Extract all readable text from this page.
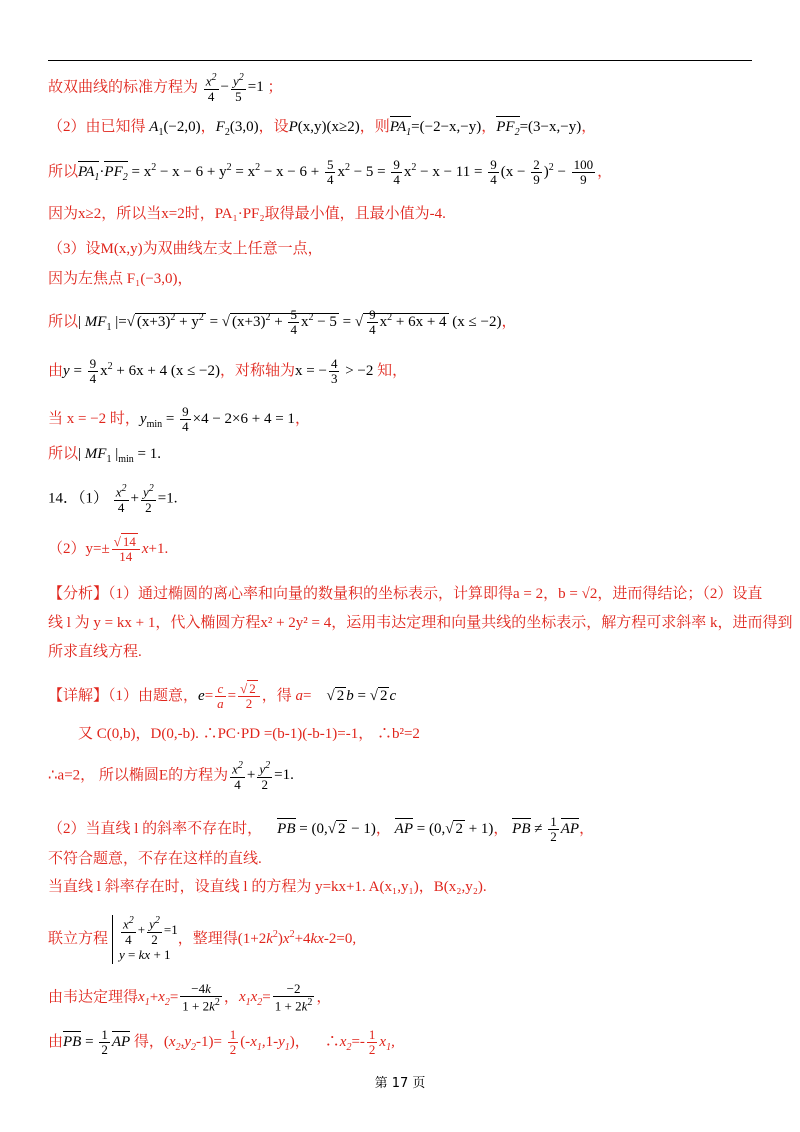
故双曲线的标准方程为 $\frac{x^2}{4} - \frac{y^2}{5} =1$ ；
（2）由已知得 $A_1(-2,0)$，$F_2(3,0)$，设P(x,y)(x≥2)，则$PA_1=(-2-x,-y)$，$PF_2=(3-x,-y)$，
所以$PA_1\cdot PF_2 = x^2 - x - 6 + y^2 = x^2 - x - 6 + \frac{5}{4} x^2 - 5 = \frac{9}{4} x^2 - x - 11 = \frac{9}{4} (x - \frac{2}{9} )^2 - \frac{100}{9}$ ，
因为x≥2，所以当x=2时，PA₁·PF₂取得最小值，且最小值为-4.
（3）设M(x,y)为双曲线左支上任意一点，
因为左焦点 F₁(−3,0)，
所以| $MF_1$ |=√ $(x+3)^2 + y^2$ = √ $(x+3)^2 + \frac{5}{4} x^2 - 5$ = √ $\frac{9}{4} x^2 + 6x + 4$ (x ≤ −2)，
由$y = \frac{9}{4} x^2 + 6x + 4$ (x ≤ −2)，对称轴为x = − $\frac{4}{3} > -2$ 知，
当 x = −2 时，$y_{min} = \frac{9}{4} \times 4 - 2\times 6 + 4 = 1$，
所以| $MF_1$ $|_{min} = 1$.
14．$(1) \frac{x^2}{4} + \frac{y^2}{2} =1$.
$(2)y=\pm \frac{√ 14}{14} x+1$.
【分析】（1）通过椭圆的离心率和向量的数量积的坐标表示，计算即得a = 2，b = √2，进而得结论；（2）设直
线 l 为 y = kx + 1，代入椭圆方程x² + 2y² = 4，运用韦达定理和向量共线的坐标表示，解方程可求斜率 k，进而得到
所求直线方程.
【详解】（1）由题意，$e= \frac{c}{a} = \frac{√ 2}{2}$ ，得 a=    √ 2 b = √ 2 c
又 C(0,b)，D(0,-b). ∴PC·PD =(b-1)(-b-1)=-1， ∴b²=2
∴a=2， 所以椭圆E的方程为 $\frac{x^2}{4} + \frac{y^2}{2} =1$.
（2）当直线 l 的斜率不存在时， PB = (0,√ 2 − 1)， AP = (0,√ 2 + 1)， PB ≠ $\frac{1}{2}$ AP，
不符合题意，不存在这样的直线.
当直线 l 斜率存在时，设直线 l 的方程为 y=kx+1. A(x₁,y₁)，B(x₂,y₂).
联立方程 $\frac{x^2}{4} + \frac{y^2}{2} =1$
y = kx + 1
，整理得$(1+2k^2)x^2+4kx-2=0$,
由韦达定理得$x_1+x_2= \frac{-4k}{1 + 2k^2}$ ，$x_1x_2= \frac{-2}{1 + 2k^2}$ ，
由PB = $\frac{1}{2}$ AP 得，$(x_2,y_2-1)= \frac{1}{2} (-x_1,1-y_1)$，    $\therefore x_2=- \frac{1}{2} x_1$,
第 17 页
